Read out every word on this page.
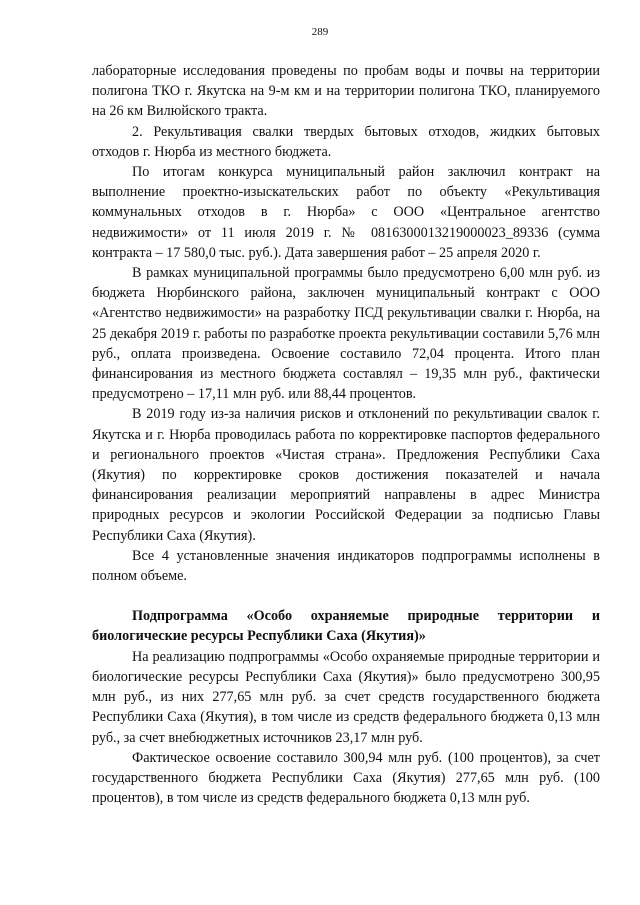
289

лабораторные исследования проведены по пробам воды и почвы на территории полигона ТКО г. Якутска на 9-м км и на территории полигона ТКО, планируемого на 26 км Вилюйского тракта.

2. Рекультивация свалки твердых бытовых отходов, жидких бытовых отходов г. Нюрба из местного бюджета.

По итогам конкурса муниципальный район заключил контракт на выполнение проектно-изыскательских работ по объекту «Рекультивация коммунальных отходов в г. Нюрба» с ООО «Центральное агентство недвижимости» от 11 июля 2019 г. № 0816300013219000023_89336 (сумма контракта – 17 580,0 тыс. руб.). Дата завершения работ – 25 апреля 2020 г.

В рамках муниципальной программы было предусмотрено 6,00 млн руб. из бюджета Нюрбинского района, заключен муниципальный контракт с ООО «Агентство недвижимости» на разработку ПСД рекультивации свалки г. Нюрба, на 25 декабря 2019 г. работы по разработке проекта рекультивации составили 5,76 млн руб., оплата произведена. Освоение составило 72,04 процента. Итого план финансирования из местного бюджета составлял – 19,35 млн руб., фактически предусмотрено – 17,11 млн руб. или 88,44 процентов.

В 2019 году из-за наличия рисков и отклонений по рекультивации свалок г. Якутска и г. Нюрба проводилась работа по корректировке паспортов федерального и регионального проектов «Чистая страна». Предложения Республики Саха (Якутия) по корректировке сроков достижения показателей и начала финансирования реализации мероприятий направлены в адрес Министра природных ресурсов и экологии Российской Федерации за подписью Главы Республики Саха (Якутия).

Все 4 установленные значения индикаторов подпрограммы исполнены в полном объеме.

Подпрограмма «Особо охраняемые природные территории и биологические ресурсы Республики Саха (Якутия)»

На реализацию подпрограммы «Особо охраняемые природные территории и биологические ресурсы Республики Саха (Якутия)» было предусмотрено 300,95 млн руб., из них 277,65 млн руб. за счет средств государственного бюджета Республики Саха (Якутия), в том числе из средств федерального бюджета 0,13 млн руб., за счет внебюджетных источников 23,17 млн руб.

Фактическое освоение составило 300,94 млн руб. (100 процентов), за счет государственного бюджета Республики Саха (Якутия) 277,65 млн руб. (100 процентов), в том числе из средств федерального бюджета 0,13 млн руб.
